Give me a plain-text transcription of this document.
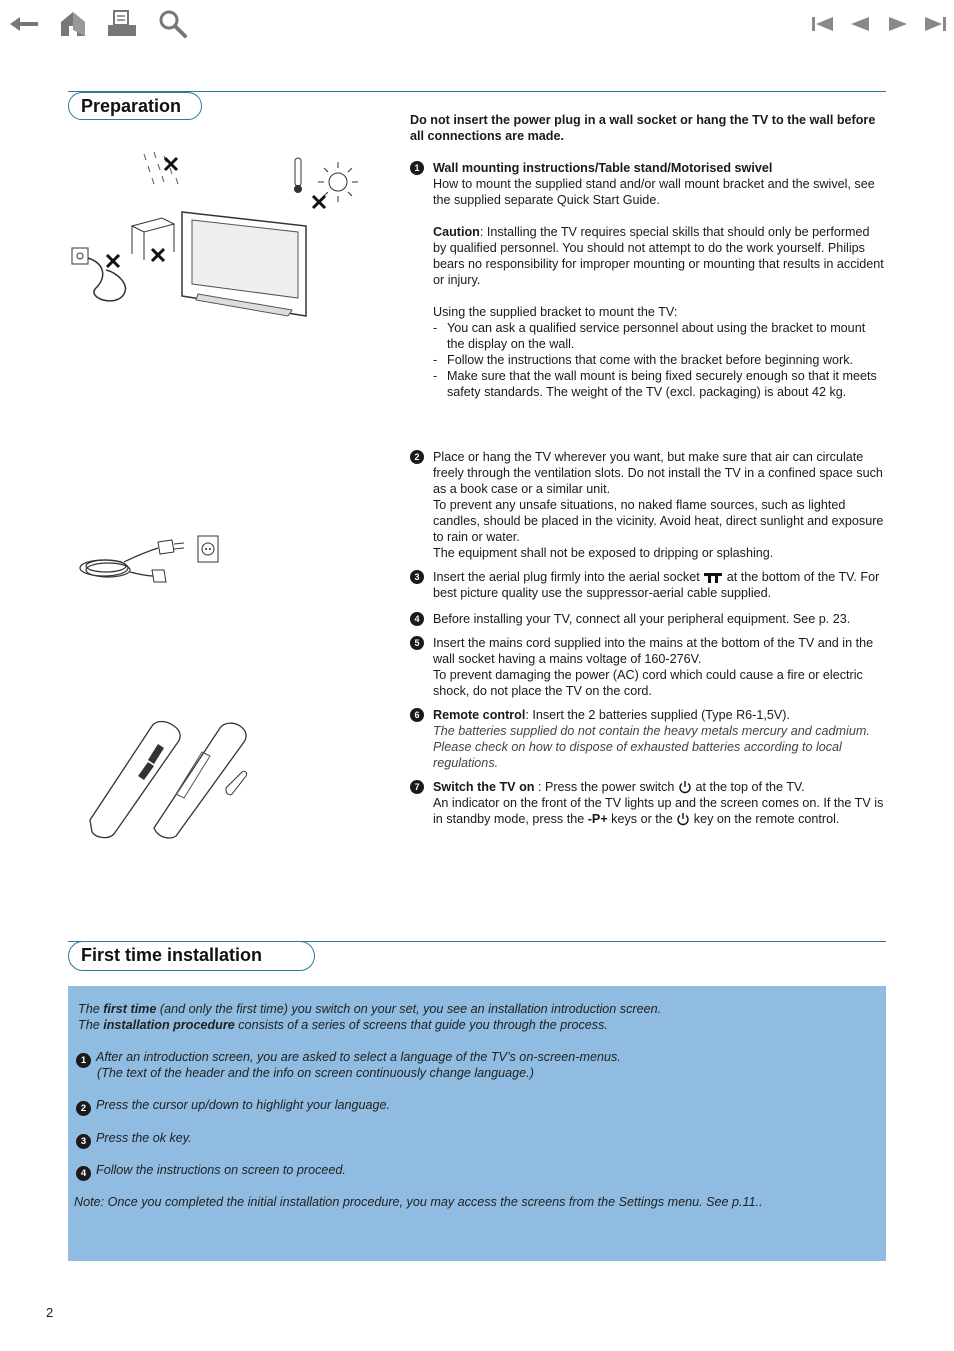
Preparation
Do not insert the power plug in a wall socket or hang the TV to the wall before all connections are made.
1	Wall mounting instructions/Table stand/Motorised swivel

How to mount the supplied stand and/or wall mount bracket and the swivel, see the supplied separate Quick Start Guide.

Caution: Installing the TV requires special skills that should only be performed by qualified personnel. You should not attempt to do the work yourself. Philips bears no responsibility for improper mounting or mounting that results in accident or injury.

Using the supplied bracket to mount the TV:

- You can ask a qualified service personnel about using the bracket to mount the display on the wall.
- Follow the instructions that come with the bracket before beginning work.
- Make sure that the wall mount is being fixed securely enough so that it meets safety standards. The weight of the TV (excl. packaging) is about 42 kg.
2	Place or hang the TV wherever you want, but make sure that air can circulate freely through the ventilation slots. Do not install the TV in a confined space such as a book case or a similar unit.

To prevent any unsafe situations, no naked flame sources, such as lighted candles, should be placed in the vicinity. Avoid heat, direct sunlight and exposure to rain or water.

The equipment shall not be exposed to dripping or splashing.

3	Insert the aerial plug firmly into the aerial socket at the bottom of the TV. For best picture quality use the suppressor-aerial cable supplied.

4	Before installing your TV, connect all your peripheral equipment. See p. 23.

5	Insert the mains cord supplied into the mains at the bottom of the TV and in the wall socket having a mains voltage of 160-276V.

To prevent damaging the power (AC) cord which could cause a fire or electric shock, do not place the TV on the cord.

6	Remote control: Insert the 2 batteries supplied (Type R6-1,5V).

The batteries supplied do not contain the heavy metals mercury and cadmium. Please check on how to dispose of exhausted batteries according to local regulations.

7	Switch the TV on : Press the power switch at the top of the TV.

An indicator on the front of the TV lights up and the screen comes on. If the TV is in standby mode, press the -P+ keys or the key on the remote control.

First time installation
The first time (and only the first time) you switch on your set, you see an installation introduction screen.
The installation procedure consists of a series of screens that guide you through the process.
1 After an introduction screen, you are asked to select a language of the TV’s on-screen-menus.
(The text of the header and the info on screen continuously change language.)
2 Press the cursor up/down to highlight your language.
3 Press the ok key.
4 Follow the instructions on screen to proceed.
Note: Once you completed the initial installation procedure, you may access the screens from the Settings menu. See p.11..
2
